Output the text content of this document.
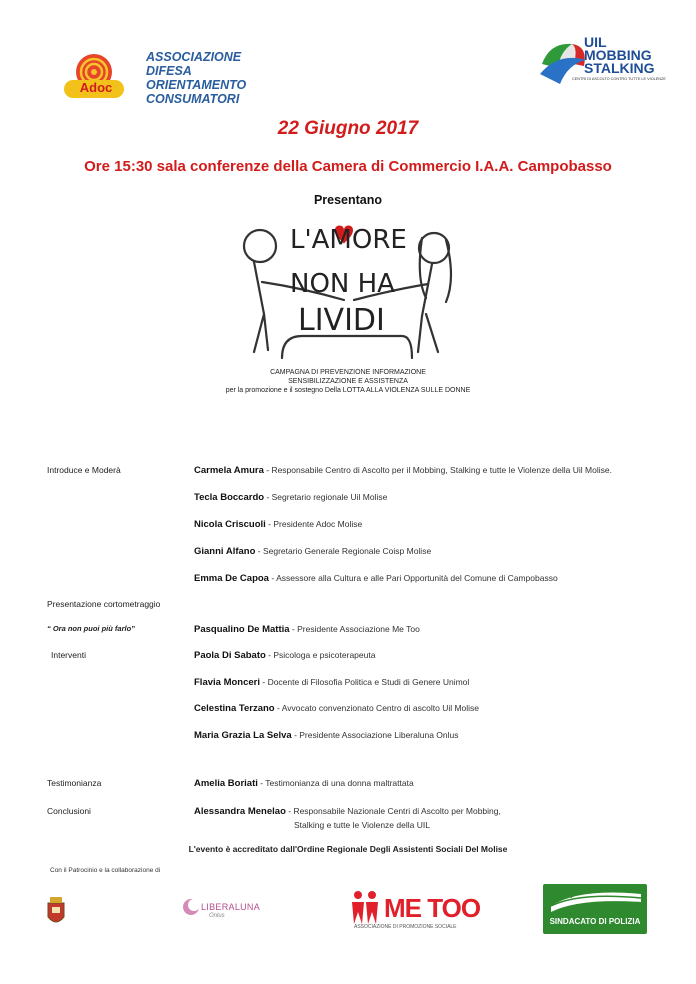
Adoc
ASSOCIAZIONE
DIFESA
ORIENTAMENTO
CONSUMATORI
UIL
MOBBING
STALKING
CENTRI DI ASCOLTO CONTRO TUTTE LE VIOLENZE
22 Giugno 2017
Ore 15:30 sala conferenze della Camera di Commercio I.A.A. Campobasso
Presentano
L'AMORE
NON HA
LIVIDI
CAMPAGNA DI PREVENZIONE INFORMAZIONE
SENSIBILIZZAZIONE E ASSISTENZA
per la promozione e il sostegno Della LOTTA ALLA VIOLENZA SULLE DONNE
Introduce e Moderà	Carmela Amura - Responsabile Centro di Ascolto per il Mobbing, Stalking e tutte le Violenze della Uil Molise.
Tecla Boccardo - Segretario regionale Uil Molise
Nicola Criscuoli - Presidente Adoc Molise
Gianni Alfano - Segretario Generale Regionale Coisp Molise
Emma De Capoa - Assessore alla Cultura e alle Pari Opportunità del Comune di Campobasso
Presentazione cortometraggio
“ Ora non puoi più farlo”	Pasqualino De Mattia - Presidente Associazione Me Too
Interventi	Paola Di Sabato - Psicologa e psicoterapeuta
Flavia Monceri - Docente di Filosofia Politica e Studi di Genere Unimol
Celestina Terzano - Avvocato convenzionato Centro di ascolto Uil Molise
Maria Grazia La Selva - Presidente Associazione Liberaluna Onlus
Testimonianza	Amelia Boriati - Testimonianza di una donna maltrattata
Conclusioni	Alessandra Menelao - Responsabile Nazionale Centri di Ascolto per Mobbing,
Stalking e tutte le Violenze della UIL
L'evento è accreditato dall'Ordine Regionale Degli Assistenti Sociali Del Molise
Con il Patrocinio e la collaborazione di
LIBERALUNA
Onlus	ME TOO
ASSOCIAZIONE DI PROMOZIONE SOCIALE
COISP
SINDACATO DI POLIZIA
